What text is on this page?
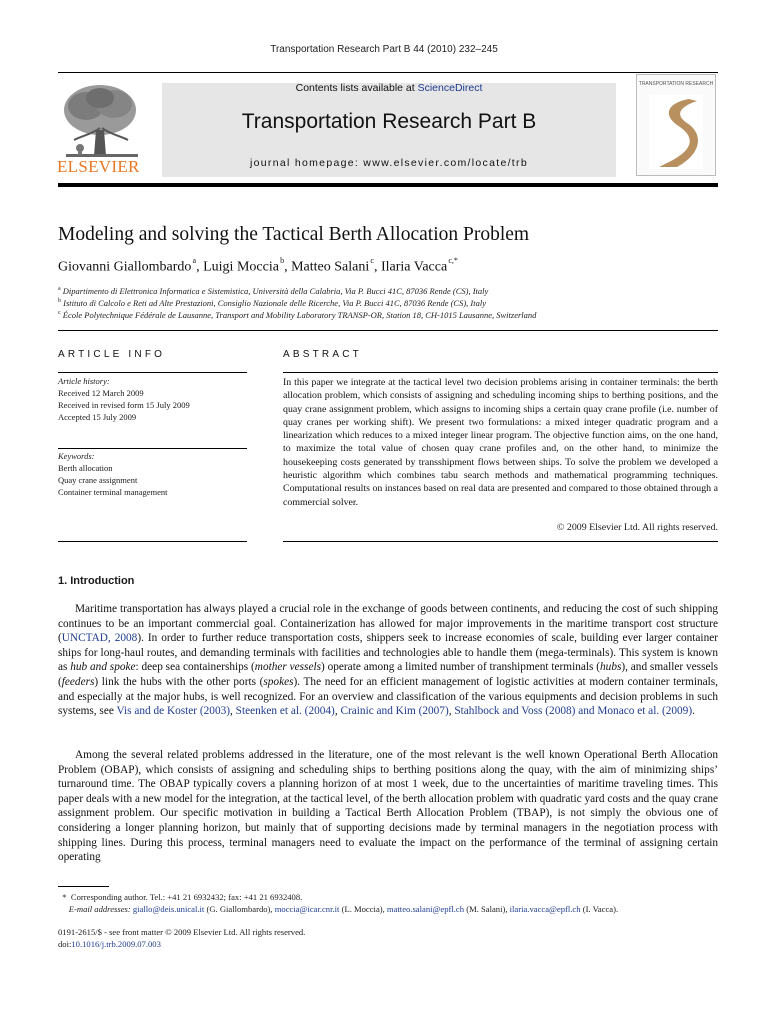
Transportation Research Part B 44 (2010) 232–245
ELSEVIER
Contents lists available at ScienceDirect
Transportation Research Part B
journal homepage: www.elsevier.com/locate/trb
TRANSPORTATION RESEARCH
Modeling and solving the Tactical Berth Allocation Problem
Giovanni Giallombardo $^a$, Luigi Moccia $^b$, Matteo Salani $^c$, Ilaria Vacca $^{c,*}$
$^a$ Dipartimento di Elettronica Informatica e Sistemistica, Università della Calabria, Via P. Bucci 41C, 87036 Rende (CS), Italy
$^b$ Istituto di Calcolo e Reti ad Alte Prestazioni, Consiglio Nazionale delle Ricerche, Via P. Bucci 41C, 87036 Rende (CS), Italy
$^c$ École Polytechnique Fédérale de Lausanne, Transport and Mobility Laboratory TRANSP-OR, Station 18, CH-1015 Lausanne, Switzerland
ARTICLE INFO	ABSTRACT
Article history:
Received 12 March 2009
Received in revised form 15 July 2009
Accepted 15 July 2009
Keywords:
Berth allocation
Quay crane assignment
Container terminal management

In this paper we integrate at the tactical level two decision problems arising in container terminals: the berth allocation problem, which consists of assigning and scheduling incoming ships to berthing positions, and the quay crane assignment problem, which assigns to incoming ships a certain quay crane profile (i.e. number of quay cranes per working shift). We present two formulations: a mixed integer quadratic program and a linearization which reduces to a mixed integer linear program. The objective function aims, on the one hand, to maximize the total value of chosen quay crane profiles and, on the other hand, to minimize the housekeeping costs generated by transshipment flows between ships. To solve the problem we developed a heuristic algorithm which combines tabu search methods and mathematical programming techniques. Computational results on instances based on real data are presented and compared to those obtained through a commercial solver.

© 2009 Elsevier Ltd. All rights reserved.
1. Introduction

Maritime transportation has always played a crucial role in the exchange of goods between continents, and reducing the cost of such shipping continues to be an important commercial goal. Containerization has allowed for major improvements in the maritime transport cost structure (UNCTAD, 2008). In order to further reduce transportation costs, shippers seek to increase economies of scale, building ever larger container ships for long-haul routes, and demanding terminals with facilities and technologies able to handle them (mega-terminals). This system is known as hub and spoke: deep sea containerships (mother vessels) operate among a limited number of transhipment terminals (hubs), and smaller vessels (feeders) link the hubs with the other ports (spokes). The need for an efficient management of logistic activities at modern container terminals, and especially at the major hubs, is well recognized. For an overview and classification of the various equipments and decision problems in such systems, see Vis and de Koster (2003), Steenken et al. (2004), Crainic and Kim (2007), Stahlbock and Voss (2008) and Monaco et al. (2009).

Among the several related problems addressed in the literature, one of the most relevant is the well known Operational Berth Allocation Problem (OBAP), which consists of assigning and scheduling ships to berthing positions along the quay, with the aim of minimizing ships’ turnaround time. The OBAP typically covers a planning horizon of at most 1 week, due to the uncertainties of maritime traveling times. This paper deals with a new model for the integration, at the tactical level, of the berth allocation problem with quadratic yard costs and the quay crane assignment problem. Our specific motivation in building a Tactical Berth Allocation Problem (TBAP), is not simply the obvious one of considering a longer planning horizon, but mainly that of supporting decisions made by terminal managers in the negotiation process with shipping lines. During this process, terminal managers need to evaluate the impact on the performance of the terminal of assigning certain operating

*  Corresponding author. Tel.: +41 21 6932432; fax: +41 21 6932408.
E-mail addresses: giallo@deis.unical.it (G. Giallombardo), moccia@icar.cnr.it (L. Moccia), matteo.salani@epfl.ch (M. Salani), ilaria.vacca@epfl.ch (I. Vacca).
0191-2615/$ - see front matter © 2009 Elsevier Ltd. All rights reserved.
doi:10.1016/j.trb.2009.07.003
